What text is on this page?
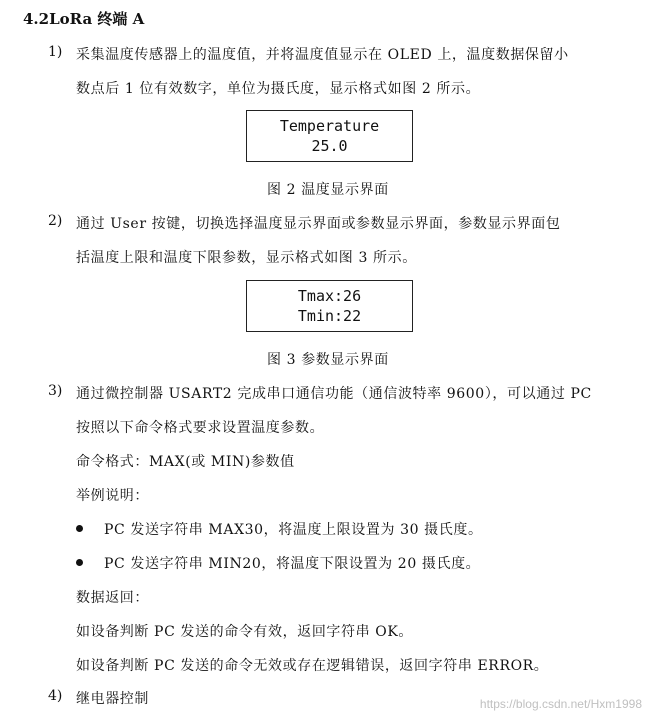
4.2LoRa 终端 A
1) 采集温度传感器上的温度值，并将温度值显示在 OLED 上，温度数据保留小
数点后 1 位有效数字，单位为摄氏度，显示格式如图 2 所示。
Temperature
25.0
图 2 温度显示界面
2) 通过 User 按键，切换选择温度显示界面或参数显示界面，参数显示界面包
括温度上限和温度下限参数，显示格式如图 3 所示。
Tmax:26
Tmin:22
图 3 参数显示界面
3) 通过微控制器 USART2 完成串口通信功能（通信波特率 9600），可以通过 PC
按照以下命令格式要求设置温度参数。
命令格式：MAX(或 MIN)参数值
举例说明：
PC 发送字符串 MAX30，将温度上限设置为 30 摄氏度。
PC 发送字符串 MIN20，将温度下限设置为 20 摄氏度。
数据返回：
如设备判断 PC 发送的命令有效，返回字符串 OK。
如设备判断 PC 发送的命令无效或存在逻辑错误，返回字符串 ERROR。
4) 继电器控制	https://blog.csdn.net/Hxm1998
